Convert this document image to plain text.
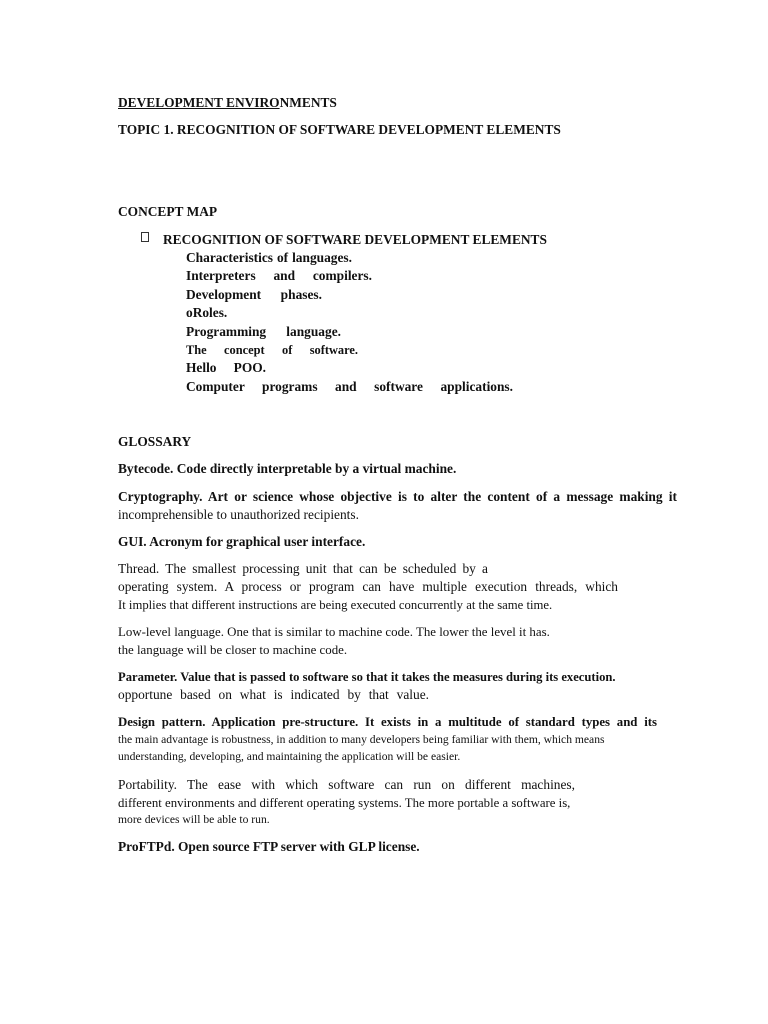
DEVELOPMENT ENVIRONMENTS
TOPIC 1. RECOGNITION OF SOFTWARE DEVELOPMENT ELEMENTS
CONCEPT MAP
RECOGNITION OF SOFTWARE DEVELOPMENT ELEMENTS
Characteristics of languages.
Interpreters and compilers.
Development phases.
oRoles.
Programming language.
The concept of software.
Hello POO.
Computer programs and software applications.
GLOSSARY
Bytecode. Code directly interpretable by a virtual machine.
Cryptography. Art or science whose objective is to alter the content of a message making it
incomprehensible to unauthorized recipients.
GUI. Acronym for graphical user interface.
Thread. The smallest processing unit that can be scheduled by a
operating system. A process or program can have multiple execution threads, which
It implies that different instructions are being executed concurrently at the same time.
Low-level language. One that is similar to machine code. The lower the level it has.
the language will be closer to machine code.
Parameter. Value that is passed to software so that it takes the measures during its execution.
opportune based on what is indicated by that value.
Design pattern. Application pre-structure. It exists in a multitude of standard types and its
the main advantage is robustness, in addition to many developers being familiar with them, which means
understanding, developing, and maintaining the application will be easier.
Portability. The ease with which software can run on different machines,
different environments and different operating systems. The more portable a software is,
more devices will be able to run.
ProFTPd. Open source FTP server with GLP license.
